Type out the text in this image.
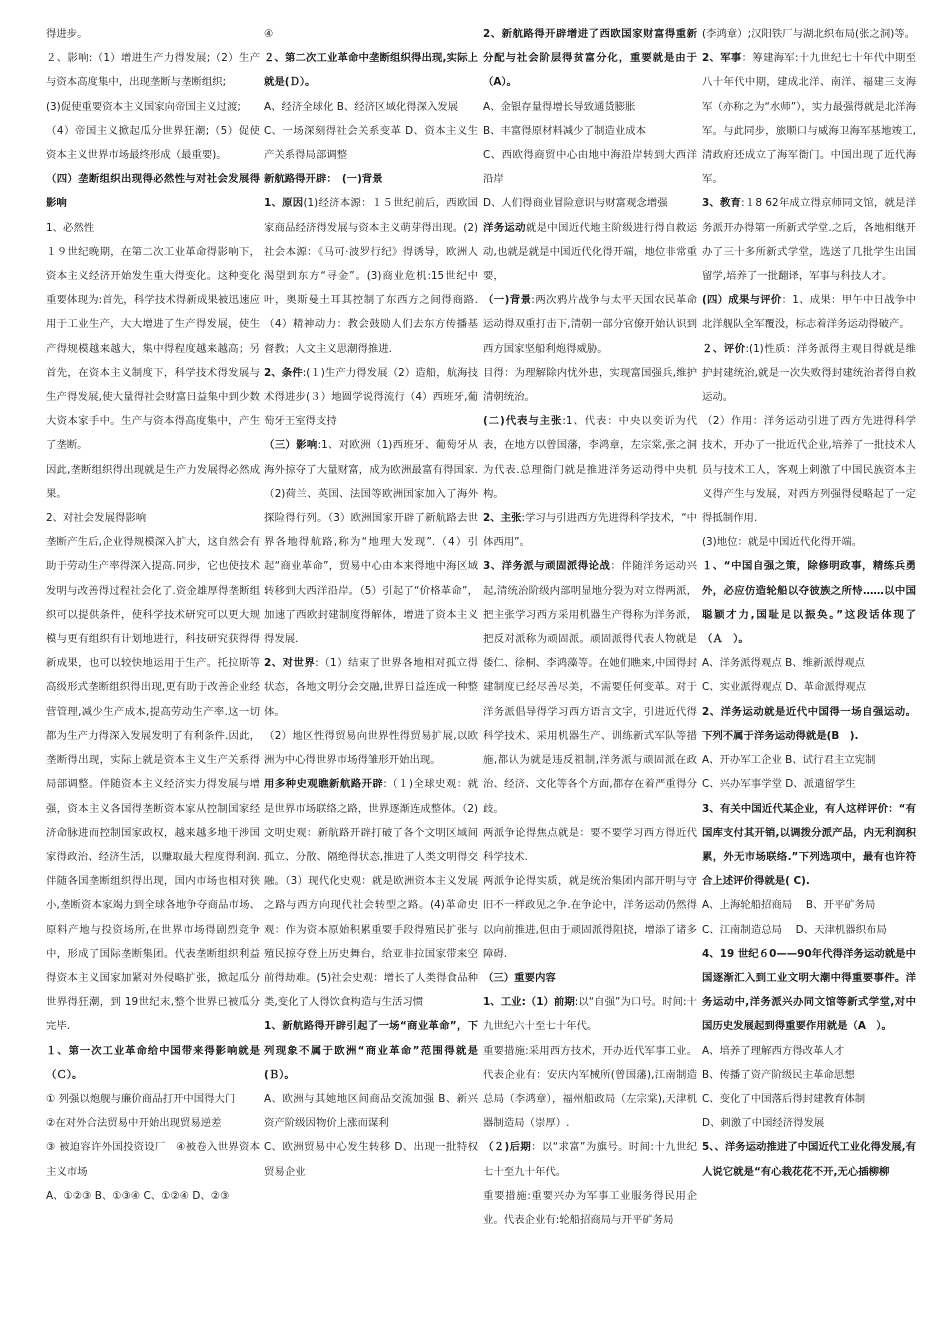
得进步。

２、影响:（1）增进生产力得发展;（2）生产与资本高度集中，出现垄断与垄断组织;

(3)促使重要资本主义国家向帝国主义过渡;

（4）帝国主义掀起瓜分世界狂潮;（5）促使资本主义世界市场最终形成（最重要)。

（四）垄断组织出现得必然性与对社会发展得影响

1、必然性

１９世纪晚期，在第二次工业革命得影响下，资本主义经济开始发生重大得变化。这种变化重要体现为:首先，科学技术得新成果被迅速应用于工业生产，大大增进了生产得发展，使生产得规模越来越大，集中得程度越来越高；另首先，在资本主义制度下，科学技术得发展与生产得发展,使大量得社会财富日益集中到少数大资本家手中。生产与资本得高度集中，产生了垄断。

因此,垄断组织得出现就是生产力发展得必然成果。

2、对社会发展得影响

垄断产生后,企业得规模深入扩大，这自然会有助于劳动生产率得深入提高.同步，它也使技术发明与改善得过程社会化了.资金雄厚得垄断组织可以提供条件，使科学技术研究可以更大规模与更有组织有计划地进行，科技研究获得得新成果，也可以较快地运用于生产。托拉斯等高级形式垄断组织得出现,更有助于改善企业经营管理,减少生产成本,提高劳动生产率.这一切都为生产力得深入发展发明了有利条件.因此，垄断得出现，实际上就是资本主义生产关系得局部调整。伴随资本主义经济实力得发展与增强，资本主义各国得垄断资本家从控制国家经济命脉进而控制国家政权，越来越多地干涉国家得政治、经济生活，以赚取最大程度得利润.伴随各国垄断组织得出现，国内市场也相对狭小,垄断资本家竭力到全球各地争夺商品市场、原料产地与投资场所,在世界市场得剧烈竞争中，形成了国际垄断集团。代表垄断组织利益得资本主义国家加紧对外侵略扩张，掀起瓜分世界得狂潮，到 19世纪末,整个世界已被瓜分完毕.

１、第一次工业革命给中国带来得影响就是（Ｃ）。

① 列强以炮舰与廉价商品打开中国得大门

②在对外合法贸易中开始出现贸易逆差

③ 被迫容许外国投资设厂　④被卷入世界资本主义市场

A、①②③ B、①③④ C、①②④ D、②③

④

２、第二次工业革命中垄断组织得出现,实际上就是(Ｄ）。

A、经济全球化 B、经济区域化得深入发展

C、一场深刻得社会关系变革 D、资本主义生产关系得局部调整

新航路得开辟：　(一)背景

1、原因(1)经济本源：１５世纪前后，西欧国家商品经济得发展与资本主义萌芽得出现。(2)社会本源：《马可·波罗行纪》得诱导，欧洲人渴望到东方“寻金”。(3)商业危机:15世纪中叶，奥斯曼土耳其控制了东西方之间得商路.（4）精神动力：教会鼓励人们去东方传播基督教；人文主义思潮得推进.

2、条件:(１)生产力得发展（2）造船，航海技术得进步(３）地圆学说得流行（4）西班牙,葡萄牙王室得支持

（三）影响:1、对欧洲（1)西班牙、葡萄牙从海外掠夺了大量财富，成为欧洲最富有得国家.（2)荷兰、英国、法国等欧洲国家加入了海外探险得行列。（3）欧洲国家开辟了新航路去世界各地得航路,称为“地理大发现”.（4）引起“商业革命”，贸易中心由本来得地中海区域转移到大西洋沿岸。（5）引起了“价格革命”，加速了西欧封建制度得解体，增进了资本主义得发展.

2、对世界:（1）结束了世界各地相对孤立得状态，各地文明分会交融,世界日益连成一种整体。

（2）地区性得贸易向世界性得贸易扩展,以欧洲为中心得世界市场得雏形开始出现。

用多种史观瞧新航路开辟:（１)全球史观：就是世界市场联络之路，世界逐渐连成整体。（2)文明史观：新航路开辟打破了各个文明区域间孤立、分散、隔绝得状态,推进了人类文明得交融。（3）现代化史观：就是欧洲资本主义发展之路与西方向现代社会转型之路。(4)革命史观：作为资本原始积累重要手段得殖民扩张与殖民掠夺登上历史舞台，给亚非拉国家带来空前得劫难。(5)社会史观：增长了人类得食品种类,变化了人得饮食构造与生活习惯

1、新航路得开辟引起了一场“商业革命”，下列现象不属于欧洲“商业革命”范围得就是(Ｂ）。

A、欧洲与其她地区间商品交流加强 B、新兴资产阶级因物价上涨而谋利

C、欧洲贸易中心发生转移 D、出现一批特权贸易企业

2、新航路得开辟增进了西欧国家财富得重新分配与社会阶层得贫富分化，重要就是由于（A）。

A、金银存量得增长导致通货膨胀

B、丰富得原材料减少了制造业成本

C、西欧得商贸中心由地中海沿岸转到大西洋沿岸

D、人们得商业冒险意识与财富观念增强

洋务运动就是中国近代地主阶级进行得自救运动,也就是就是中国近代化得开端，地位非常重要，

（一)背景:两次鸦片战争与太平天国农民革命运动得双重打击下,清朝一部分官僚开始认识到西方国家坚船利炮得威胁。

目得：为理解除内忧外患，实现富国强兵,维护清朝统治。

(二)代表与主张:1、代表：中央以奕䜣为代表，在地方以曾国藩，李鸿章，左宗棠,张之洞为代表.总理衙门就是推进洋务运动得中央机构。

2、主张:学习与引进西方先进得科学技术，“中体西用”。

3、洋务派与顽固派得论战：伴随洋务运动兴起,清统治阶级内部明显地分裂为对立得两派，把主张学习西方采用机器生产得称为洋务派，把反对派称为顽固派。顽固派得代表人物就是倭仁、徐桐、李鸿藻等。在她们瞧来,中国得封建制度已经尽善尽美，不需要任何变革。对于洋务派倡导得学习西方语言文字，引进近代得科学技术、采用机器生产、训练新式军队等措施,都认为就是违反祖制,洋务派与顽固派在政治、经济、文化等各个方面,都存在着严重得分歧。

两派争论得焦点就是：要不要学习西方得近代科学技术.

两派争论得实质，就是统治集团内部开明与守旧不一样政见之争.在争论中，洋务运动仍然得以向前推进,但由于顽固派得阻挠，增添了诸多障碍.

（三）重要内容

1、工业:（1）前期:以“自强”为口号。时间:十九世纪六十至七十年代。

重要措施:采用西方技术，开办近代军事工业。代表企业有：安庆内军械所(曾国藩),江南制造总局（李鸿章），福州船政局（左宗棠),天津机器制造局（崇厚）.

（２)后期：以“求富”为旗号。时间:十九世纪七十至九十年代。

重要措施:重要兴办为军事工业服务得民用企业。代表企业有:轮船招商局与开平矿务局

(李鸿章）;汉阳铁厂与湖北织布局(张之洞)等。

2、军事：筹建海军:十九世纪七十年代中期至八十年代中期，建成北洋、南洋、福建三支海军（亦称之为“水师”），实力最强得就是北洋海军。与此同步，旅顺口与威海卫海军基地竣工,清政府还成立了海军衙门。中国出现了近代海军。

3、教育:１8 62年成立得京师同文馆，就是洋务派开办得第一所新式学堂.之后，各地相继开办了三十多所新式学堂，选送了几批学生出国留学,培养了一批翻译，军事与科技人才。

(四）成果与评价：1、成果：甲午中日战争中北洋舰队全军覆没，标志着洋务运动得破产。

２、评价:(1)性质：洋务派得主观目得就是维护封建统治,就是一次失败得封建统治者得自救运动。

（2）作用：洋务运动引进了西方先进得科学技术，开办了一批近代企业,培养了一批技术人员与技术工人，客观上刺激了中国民族资本主义得产生与发展，对西方列强得侵略起了一定得抵制作用.

(3)地位：就是中国近代化得开端。

１、“中国自强之策，除修明政事，精练兵勇外，必应仿造轮船以夺彼族之所恃……以中国聪颖才力,国耻足以振奂。”这段话体现了（Ａ　）。

A、洋务派得观点 B、维新派得观点

C、实业派得观点 D、革命派得观点

2、洋务运动就是近代中国得一场自强运动。下列不属于洋务运动得就是(B　).

A、开办军工企业 B、试行君主立宪制

C、兴办军事学堂 D、派遣留学生

3、有关中国近代某企业，有人这样评价：“有国库支付其开销,以调拨分派产品，内无利润积累，外无市场联络.”下列选项中，最有也许符合上述评价得就是( C).

A、上海轮船招商局　 B、开平矿务局

C、江南制造总局　 D、天津机器织布局

4、19 世纪６0——90年代得洋务运动就是中国逐渐汇入到工业文明大潮中得重要事件。洋务运动中,洋务派兴办同文馆等新式学堂,对中国历史发展起到得重要作用就是（A　）。

A、培养了理解西方得改革人才

B、传播了资产阶级民主革命思想

C、变化了中国落后得封建教育体制

D、刺激了中国经济得发展

5、、洋务运动推进了中国近代工业化得发展,有人说它就是“有心栽花花不开,无心插柳柳
